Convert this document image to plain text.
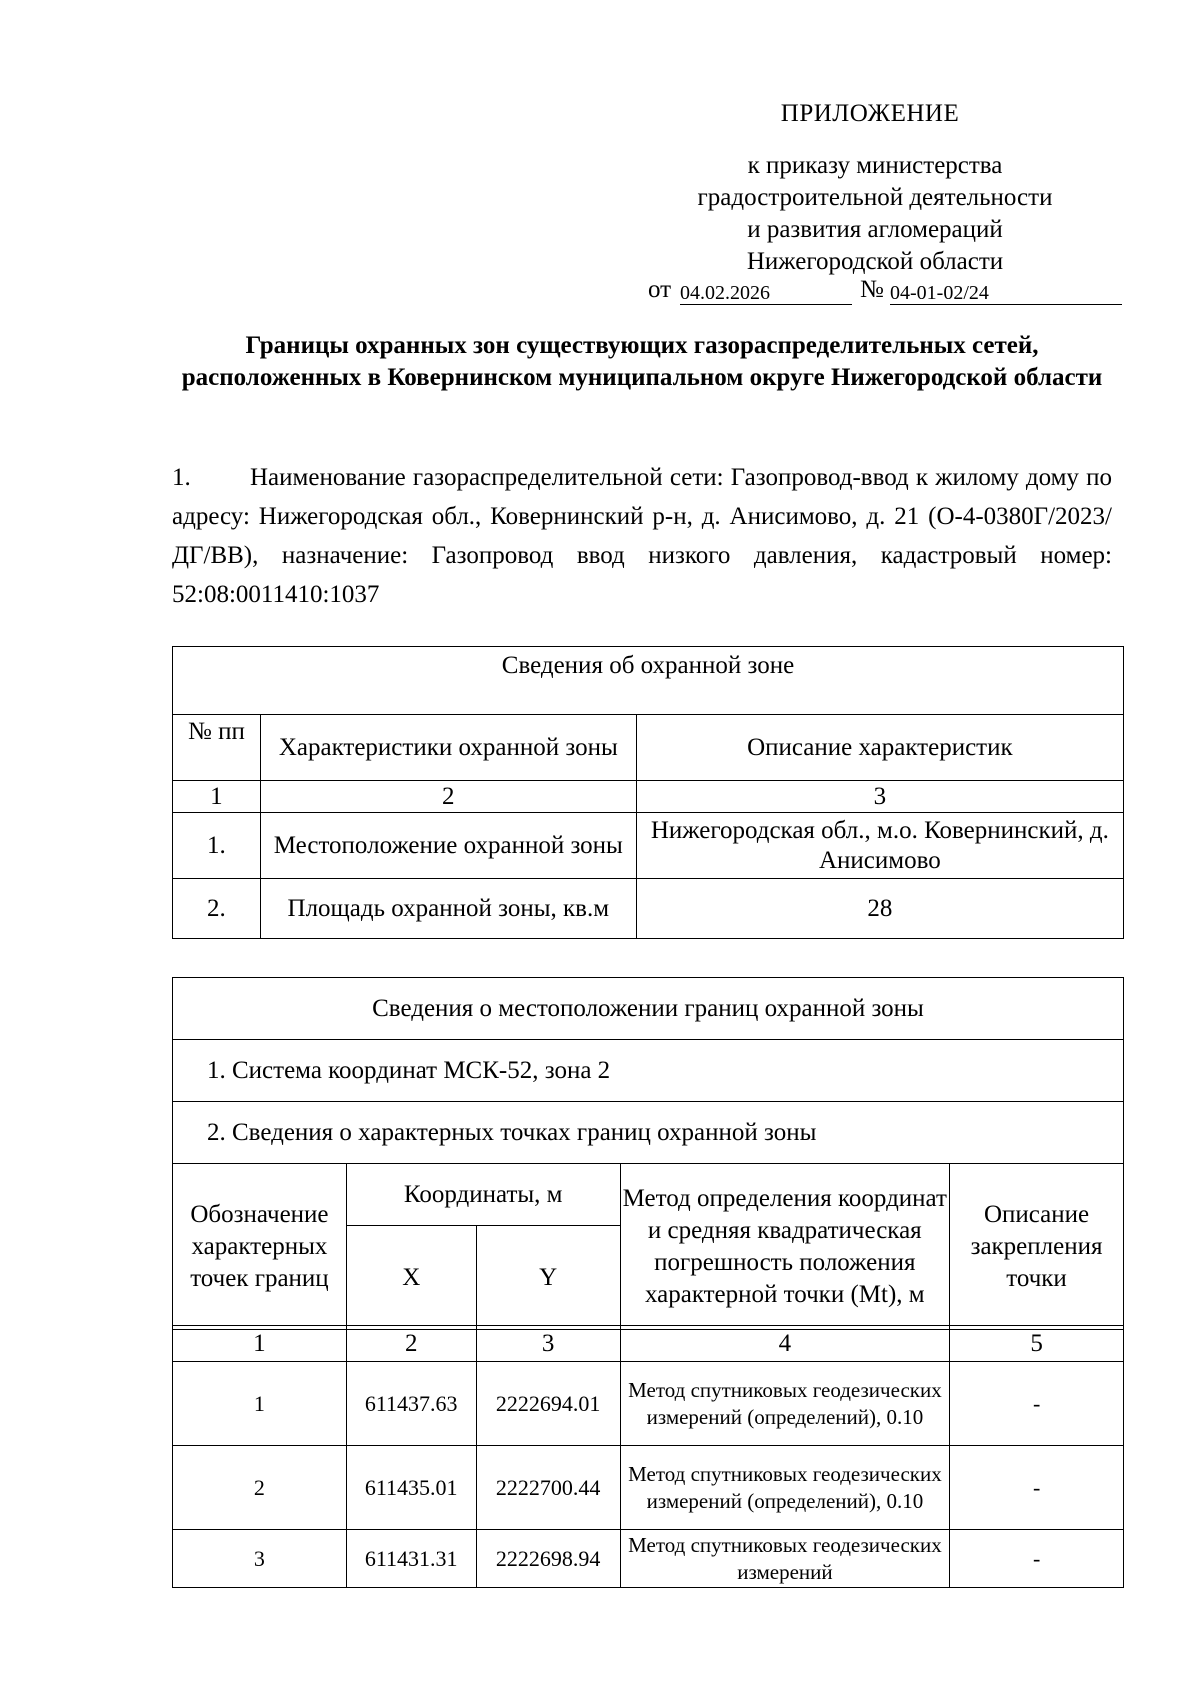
ПРИЛОЖЕНИЕ
к приказу министерства
градостроительной деятельности
и развития агломераций
Нижегородской области
от 04.02.2026	№ 04-01-02/24
Границы охранных зон существующих газораспределительных сетей, расположенных в Ковернинском муниципальном округе Нижегородской области
1. Наименование газораспределительной сети: Газопровод-ввод к жилому дому по адресу: Нижегородская обл., Ковернинский р-н, д. Анисимово, д. 21 (О-4-0380Г/2023/ДГ/ВВ), назначение: Газопровод ввод низкого давления, кадастровый номер: 52:08:0011410:1037
Сведения об охранной зоне		
№ пп	Характеристики охранной зоны	Описание характеристик
1	2	3
1.	Местоположение охранной зоны	Нижегородская обл., м.о. Ковернинский, д. Анисимово
2.	Площадь охранной зоны, кв.м	28
Сведения о местоположении границ охранной зоны				
1. Система координат МСК-52, зона 2				
2. Сведения о характерных точках границ охранной зоны				
Обозначение характерных точек границ	Координаты, м		Метод определения координат и средняя квадратическая погрешность положения характерной точки (Mt), м	Описание закрепления точки
	X	Y		
1	2	3	4	5
1	611437.63	2222694.01	Метод спутниковых геодезических измерений (определений), 0.10	-
2	611435.01	2222700.44	Метод спутниковых геодезических измерений (определений), 0.10	-
3	611431.31	2222698.94	Метод спутниковых геодезических измерений	-
